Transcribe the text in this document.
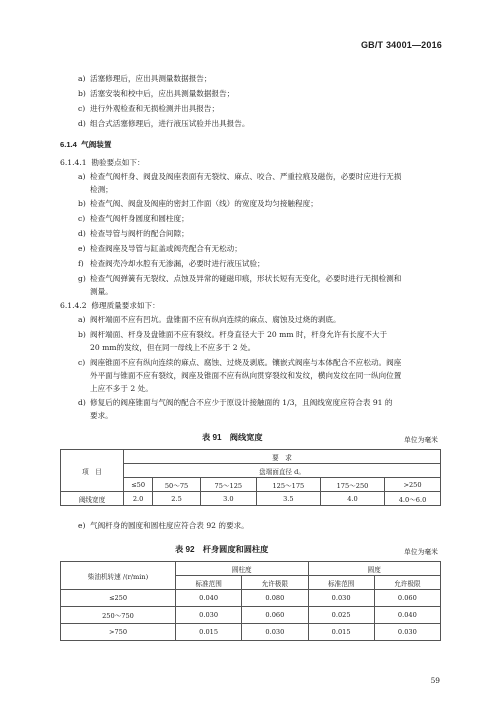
GB/T 34001—2016
a) 活塞修理后，应出具测量数据报告；
b) 活塞安装和校中后，应出具测量数据报告；
c) 进行外观检查和无损检测并出具报告；
d) 组合式活塞修理后，进行液压试验并出具报告。
6.1.4 气阀装置
6.1.4.1 勘验要点如下：
a) 检查气阀杆身、阀盘及阀座表面有无裂纹、麻点、咬合、严重拉痕及磁伤，必要时应进行无损
检测；
b) 检查气阀、阀盘及阀座的密封工作面（线）的宽度及均匀接触程度；
c) 检查气阀杆身圆度和圆柱度；
d) 检查导管与阀杆的配合间隙；
e) 检查阀座及导管与缸盖或阀壳配合有无松动；
f) 检查阀壳冷却水腔有无渗漏，必要时进行液压试验；
g) 检查气阀弹簧有无裂纹、点蚀及异常的碰磁印痕，形状长短有无变化，必要时进行无损检测和
测量。
6.1.4.2 修理质量要求如下：
a) 阀杆端面不应有凹坑。盘锥面不应有纵向连续的麻点、腐蚀及过烧的剥底。
b) 阀杆端面、杆身及盘锥面不应有裂纹。杆身直径大于 20 mm 时，杆身允许有长度不大于
20 mm的发纹，但在同一母线上不应多于 2 处。
c) 阀座锥面不应有纵向连续的麻点、腐蚀、过烧及剥底。镶嵌式阀座与本体配合不应松动。阀座
外平面与锥面不应有裂纹，阀座及锥面不应有纵向贯穿裂纹和发纹，横向发纹在同一纵向位置
上应不多于 2 处。
d) 修复后的阀座锥面与气阀的配合不应少于原设计接触面的 1/3，且阀线宽度应符合表 91 的
要求。
表 91　阀线宽度	单位为毫米
项　目	要　求					
	盘端面直径 d。					
	≤50	50～75	75～125	125～175	175～250	>250
阀线宽度	2.0	2.5	3.0	3.5	4.0	4.0～6.0
e) 气阀杆身的圆度和圆柱度应符合表 92 的要求。
表 92　杆身圆度和圆柱度	单位为毫米
柴油机转速 /(r/min)	圆柱度		圆度	
	标准范围	允许极限	标准范围	允许极限
≤250	0.040	0.080	0.030	0.060
250～750	0.030	0.060	0.025	0.040
>750	0.015	0.030	0.015	0.030
59
